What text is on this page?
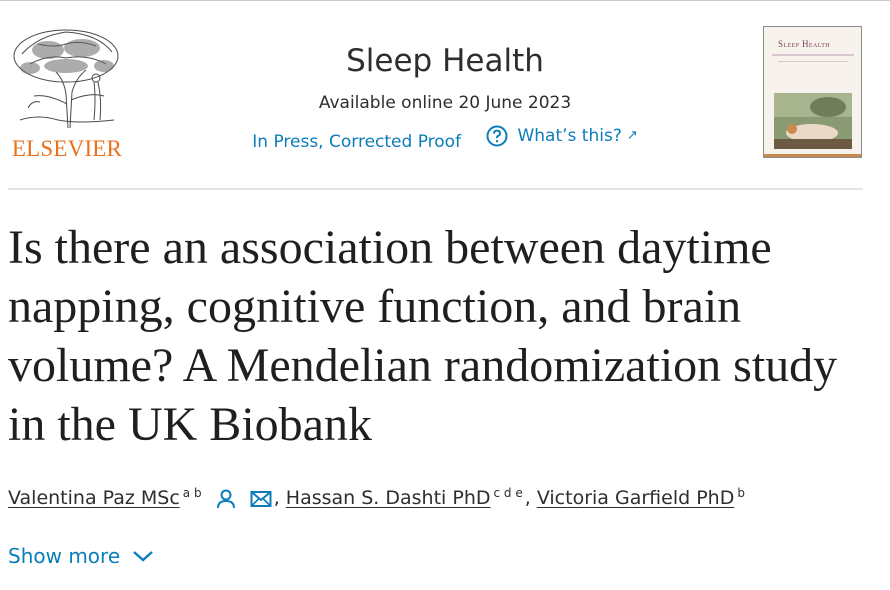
ELSEVIER
Sleep Health
Available online 20 June 2023
In Press, Corrected Proof	What’s this? ↗
Sleep Health
Is there an association between daytime napping, cognitive function, and brain volume? A Mendelian randomization study in the UK Biobank
Valentina Paz MSc $^{a b}$	, Hassan S. Dashti PhD $^{c d e}$ , Victoria Garfield PhD $^b$
Show more
